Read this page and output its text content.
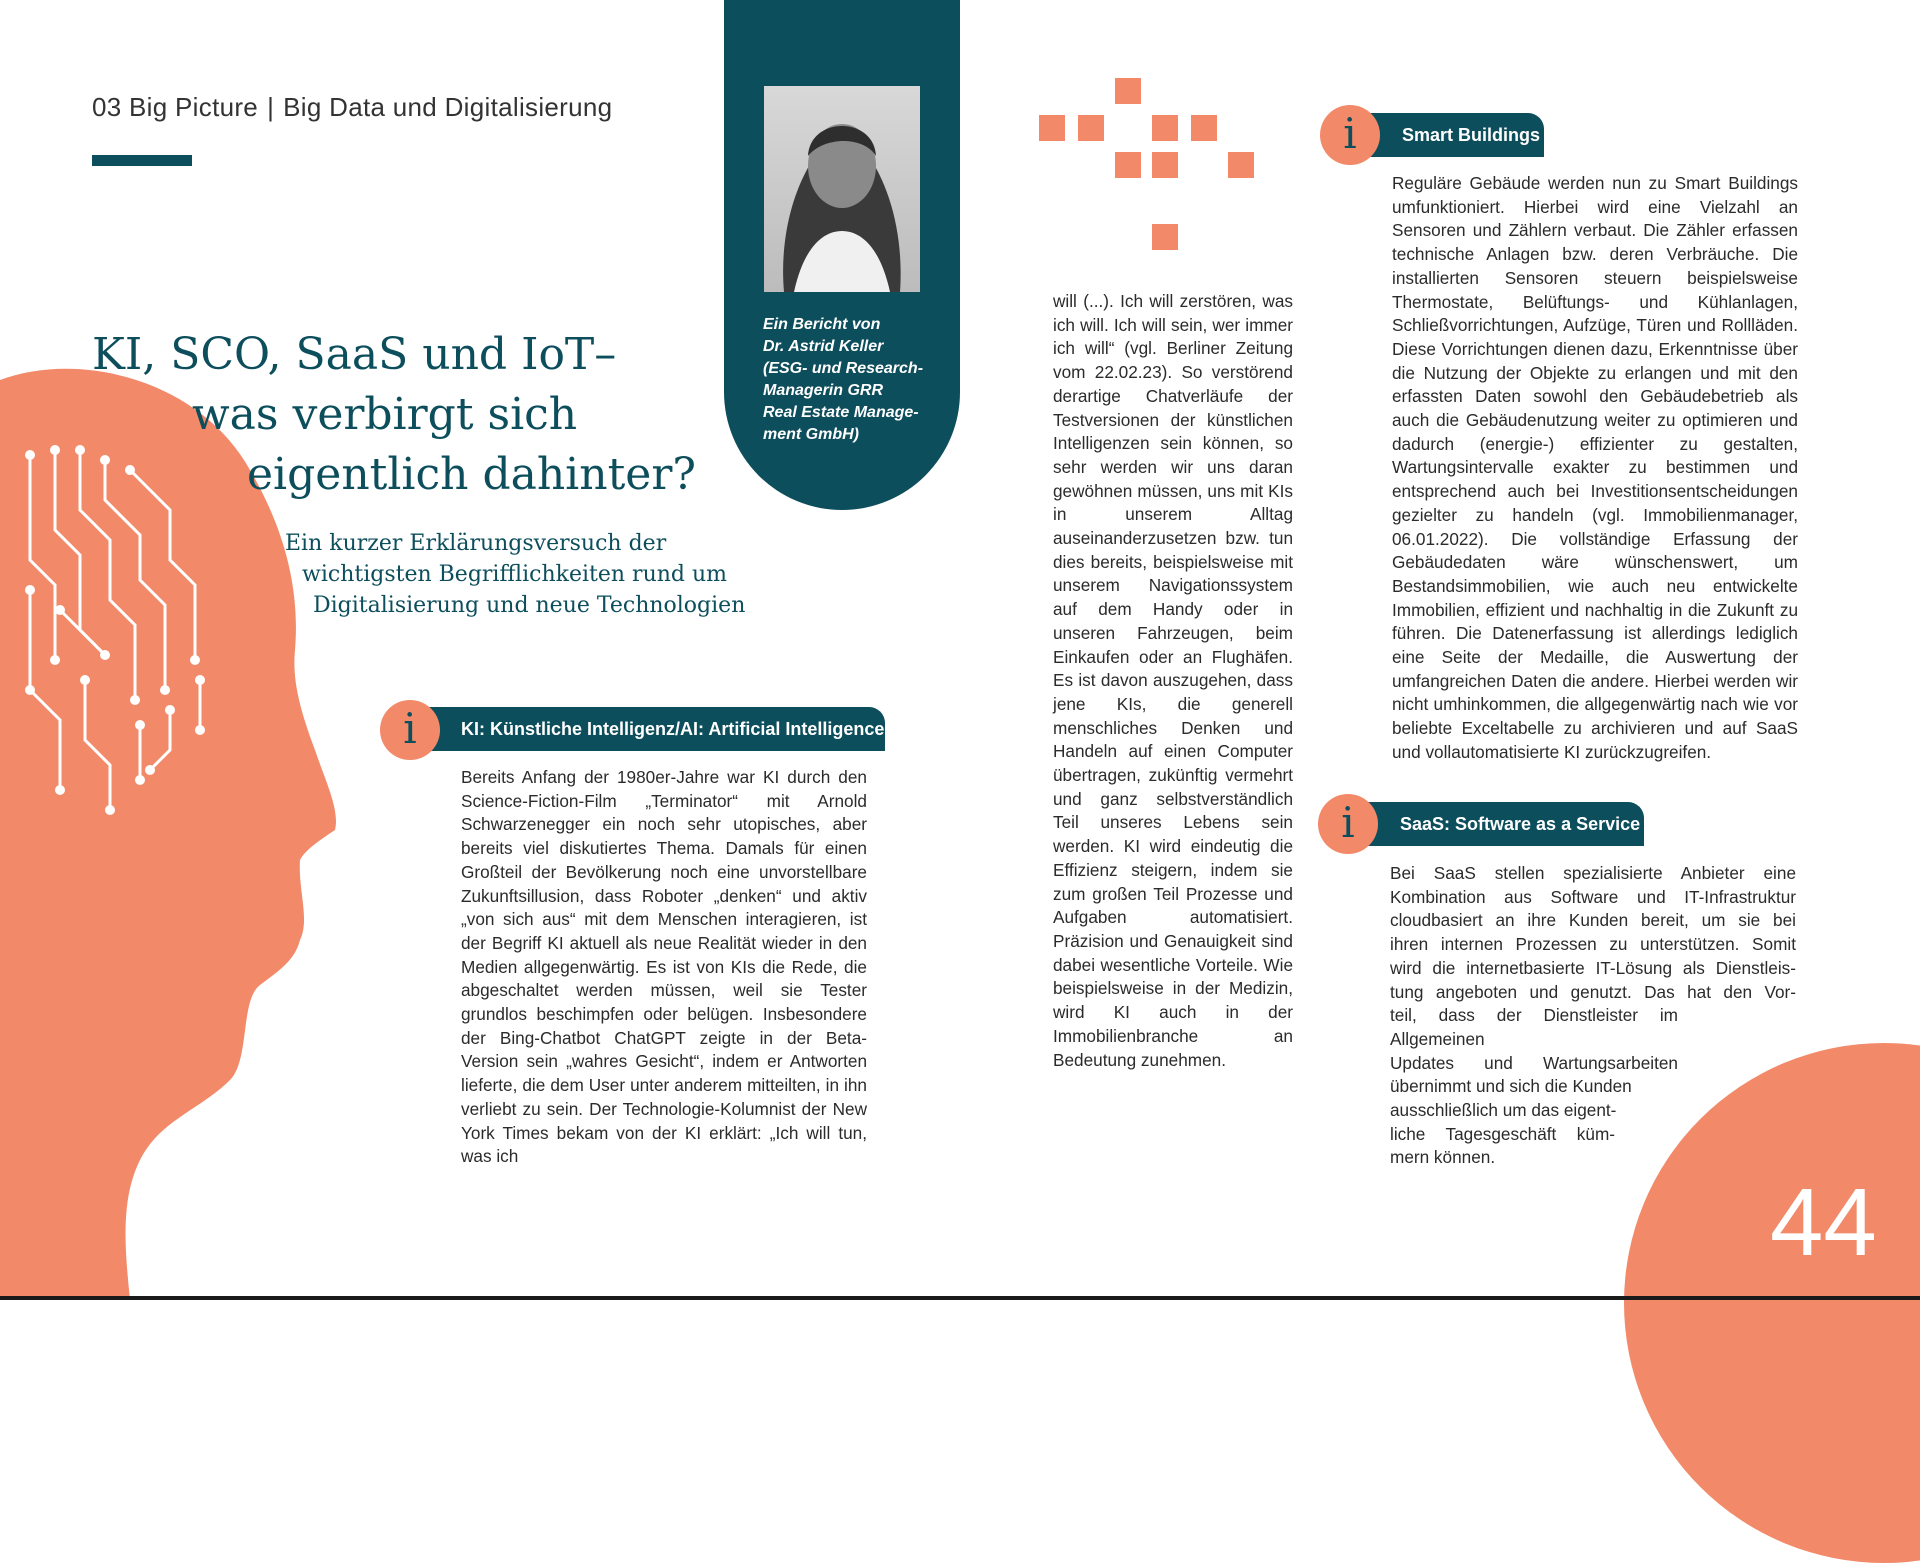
03 Big Picture | Big Data und Digitalisierung
KI, SCO, SaaS und IoT–
was verbirgt sich
eigentlich dahinter?
Ein kurzer Erklärungsversuch der
wichtigsten Begrifflichkeiten rund um
Digitalisierung und neue Technologien
Ein Bericht von
Dr. Astrid Keller
(ESG- und Research-
Managerin GRR
Real Estate Manage-
ment GmbH)
i	KI: Künstliche Intelligenz/AI: Artificial Intelligence
Bereits Anfang der 1980er-Jahre war KI durch den Science-Fiction-Film „Terminator“ mit Arnold Schwarzenegger ein noch sehr utopisches, aber bereits viel diskutiertes Thema. Damals für einen Großteil der Bevölkerung noch eine unvorstellbare Zukunftsillusion, dass Roboter „denken“ und aktiv „von sich aus“ mit dem Menschen interagieren, ist der Begriff KI aktuell als neue Realität wieder in den Medien allgegenwärtig. Es ist von KIs die Rede, die abgeschaltet werden müssen, weil sie Tester grundlos beschimpfen oder belügen. Insbesondere der Bing-Chatbot ChatGPT zeigte in der Beta-Version sein „wahres Gesicht“, indem er Antworten lieferte, die dem User unter anderem mitteilten, in ihn verliebt zu sein. Der Technologie-Kolumnist der New York Times bekam von der KI erklärt: „Ich will tun, was ich
will (...). Ich will zerstören, was ich will. Ich will sein, wer immer ich will“ (vgl. Berliner Zeitung vom 22.02.23). So verstörend derartige Chatverläufe der Testversionen der künstlichen Intelligenzen sein können, so sehr werden wir uns daran gewöhnen müssen, uns mit KIs in unserem Alltag auseinanderzusetzen bzw. tun dies bereits, beispielsweise mit unserem Navigationssystem auf dem Handy oder in unseren Fahrzeugen, beim Einkaufen oder an Flughäfen. Es ist davon auszugehen, dass jene KIs, die generell menschliches Denken und Handeln auf einen Computer übertragen, zukünftig vermehrt und ganz selbstverständlich Teil unseres Lebens sein werden. KI wird eindeutig die Effizienz steigern, indem sie zum großen Teil Prozesse und Aufgaben automatisiert. Präzision und Genauigkeit sind dabei wesentliche Vorteile. Wie beispielsweise in der Medizin, wird KI auch in der Immobilienbranche an Bedeutung zunehmen.
i	Smart Buildings
Reguläre Gebäude werden nun zu Smart Buildings umfunktioniert. Hierbei wird eine Vielzahl an Sensoren und Zählern verbaut. Die Zähler erfassen technische Anlagen bzw. deren Verbräuche. Die installierten Sensoren steuern beispielsweise Thermostate, Belüftungs- und Kühlanlagen, Schließvorrichtungen, Aufzüge, Türen und Rollläden. Diese Vorrichtungen dienen dazu, Erkenntnisse über die Nutzung der Objekte zu erlangen und mit den erfassten Daten sowohl den Gebäudebetrieb als auch die Gebäudenutzung weiter zu optimieren und dadurch (energie-) effizienter zu gestalten, Wartungsintervalle exakter zu bestimmen und entsprechend auch bei Investitionsentscheidungen gezielter zu handeln (vgl. Immobilienmanager, 06.01.2022). Die vollständige Erfassung der Gebäudedaten wäre wünschenswert, um Bestandsimmobilien, wie auch neu entwickelte Immobilien, effizient und nachhaltig in die Zukunft zu führen. Die Datenerfassung ist allerdings lediglich eine Seite der Medaille, die Auswertung der umfangreichen Daten die andere. Hierbei werden wir nicht umhinkommen, die allgegenwärtig nach wie vor beliebte Exceltabelle zu archivieren und auf SaaS und vollautomatisierte KI zurückzugreifen.
i	SaaS: Software as a Service
Bei SaaS stellen spezialisierte Anbieter eine
Kombination aus Software und IT-Infrastruktur
cloudbasiert an ihre Kunden bereit, um sie bei
ihren internen Prozessen zu unterstützen. Somit
wird die internetbasierte IT-Lösung als Dienstleis-
tung angeboten und genutzt. Das hat den Vor-
teil, dass der Dienstleister im Allgemeinen
Updates und Wartungsarbeiten
übernimmt und sich die Kunden
ausschließlich um das eigent-
liche Tagesgeschäft küm-
mern können.
44
